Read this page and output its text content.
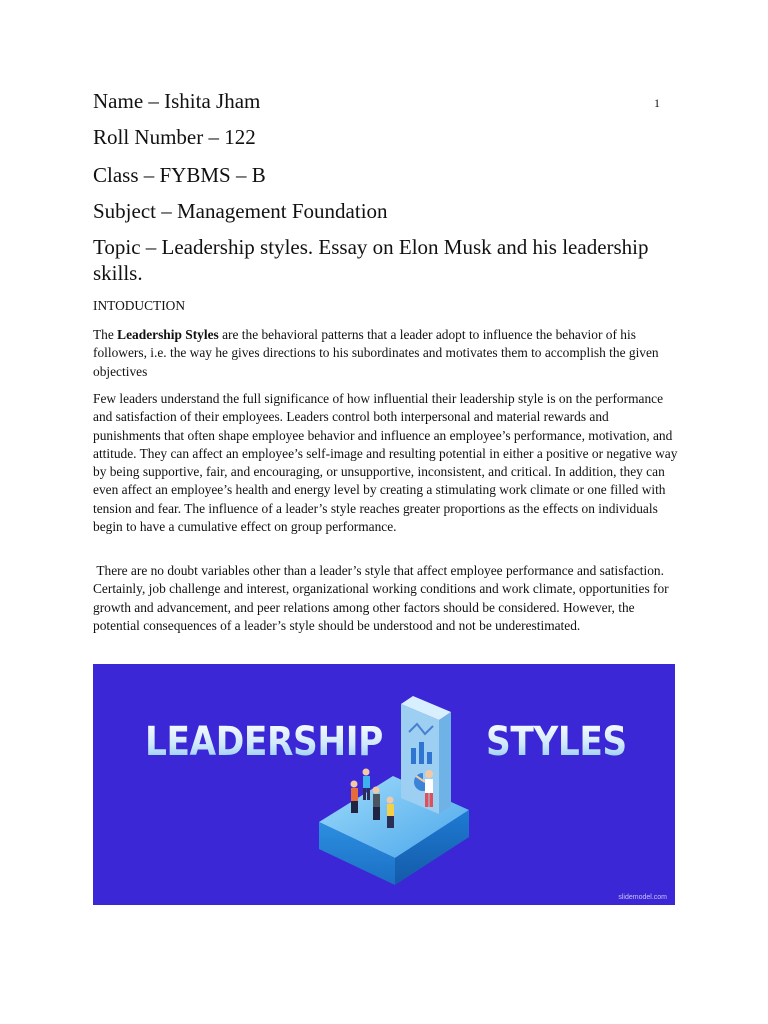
1
Name – Ishita Jham
Roll Number – 122
Class – FYBMS – B
Subject – Management Foundation
Topic – Leadership styles. Essay on Elon Musk and his leadership skills.
INTODUCTION

The Leadership Styles are the behavioral patterns that a leader adopt to influence the behavior of his followers, i.e. the way he gives directions to his subordinates and motivates them to accomplish the given objectives

Few leaders understand the full significance of how influential their leadership style is on the performance and satisfaction of their employees. Leaders control both interpersonal and material rewards and punishments that often shape employee behavior and influence an employee’s performance, motivation, and attitude. They can affect an employee’s self-image and resulting potential in either a positive or negative way by being supportive, fair, and encouraging, or unsupportive, inconsistent, and critical. In addition, they can even affect an employee’s health and energy level by creating a stimulating work climate or one filled with tension and fear. The influence of a leader’s style reaches greater proportions as the effects on individuals begin to have a cumulative effect on group performance.

There are no doubt variables other than a leader’s style that affect employee performance and satisfaction. Certainly, job challenge and interest, organizational working conditions and work climate, opportunities for growth and advancement, and peer relations among other factors should be considered. However, the potential consequences of a leader’s style should be understood and not be underestimated.

LEADERSHIP	STYLES
slidemodel.com
